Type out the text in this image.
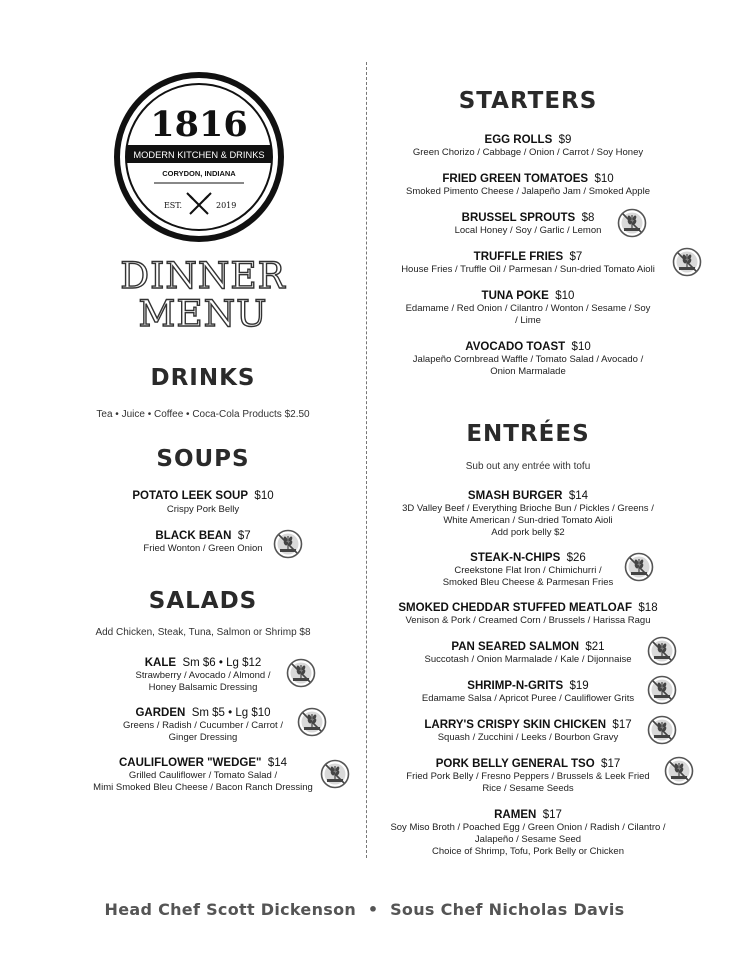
1816
MODERN KITCHEN & DRINKS
CORYDON, INDIANA
EST.	2019
DINNER
MENU
DRINKS
Tea • Juice • Coffee • Coca-Cola Products $2.50
SOUPS
POTATO LEEK SOUP $10
Crispy Pork Belly
BLACK BEAN $7
Fried Wonton / Green Onion
SALADS
Add Chicken, Steak, Tuna, Salmon or Shrimp $8
KALE Sm $6 • Lg $12
Strawberry / Avocado / Almond /
Honey Balsamic Dressing
GARDEN Sm $5 • Lg $10
Greens / Radish / Cucumber / Carrot /
Ginger Dressing
CAULIFLOWER "WEDGE" $14
Grilled Cauliflower / Tomato Salad /
Mimi Smoked Bleu Cheese / Bacon Ranch Dressing
STARTERS
EGG ROLLS $9
Green Chorizo / Cabbage / Onion / Carrot / Soy Honey
FRIED GREEN TOMATOES $10
Smoked Pimento Cheese / Jalapeño Jam / Smoked Apple
BRUSSEL SPROUTS $8
Local Honey / Soy / Garlic / Lemon
TRUFFLE FRIES $7
House Fries / Truffle Oil / Parmesan / Sun-dried Tomato Aioli
TUNA POKE $10
Edamame / Red Onion / Cilantro / Wonton / Sesame / Soy
/ Lime
AVOCADO TOAST $10
Jalapeño Cornbread Waffle / Tomato Salad / Avocado /
Onion Marmalade
ENTRÉES
Sub out any entrée with tofu
SMASH BURGER $14
3D Valley Beef / Everything Brioche Bun / Pickles / Greens /
White American / Sun-dried Tomato Aioli
Add pork belly $2
STEAK-N-CHIPS $26
Creekstone Flat Iron / Chimichurri /
Smoked Bleu Cheese & Parmesan Fries
SMOKED CHEDDAR STUFFED MEATLOAF $18
Venison & Pork / Creamed Corn / Brussels / Harissa Ragu
PAN SEARED SALMON $21
Succotash / Onion Marmalade / Kale / Dijonnaise
SHRIMP-N-GRITS $19
Edamame Salsa / Apricot Puree / Cauliflower Grits
LARRY'S CRISPY SKIN CHICKEN $17
Squash / Zucchini / Leeks / Bourbon Gravy
PORK BELLY GENERAL TSO $17
Fried Pork Belly / Fresno Peppers / Brussels & Leek Fried
Rice / Sesame Seeds
RAMEN $17
Soy Miso Broth / Poached Egg / Green Onion / Radish / Cilantro /
Jalapeño / Sesame Seed
Choice of Shrimp, Tofu, Pork Belly or Chicken
Head Chef Scott Dickenson • Sous Chef Nicholas Davis
